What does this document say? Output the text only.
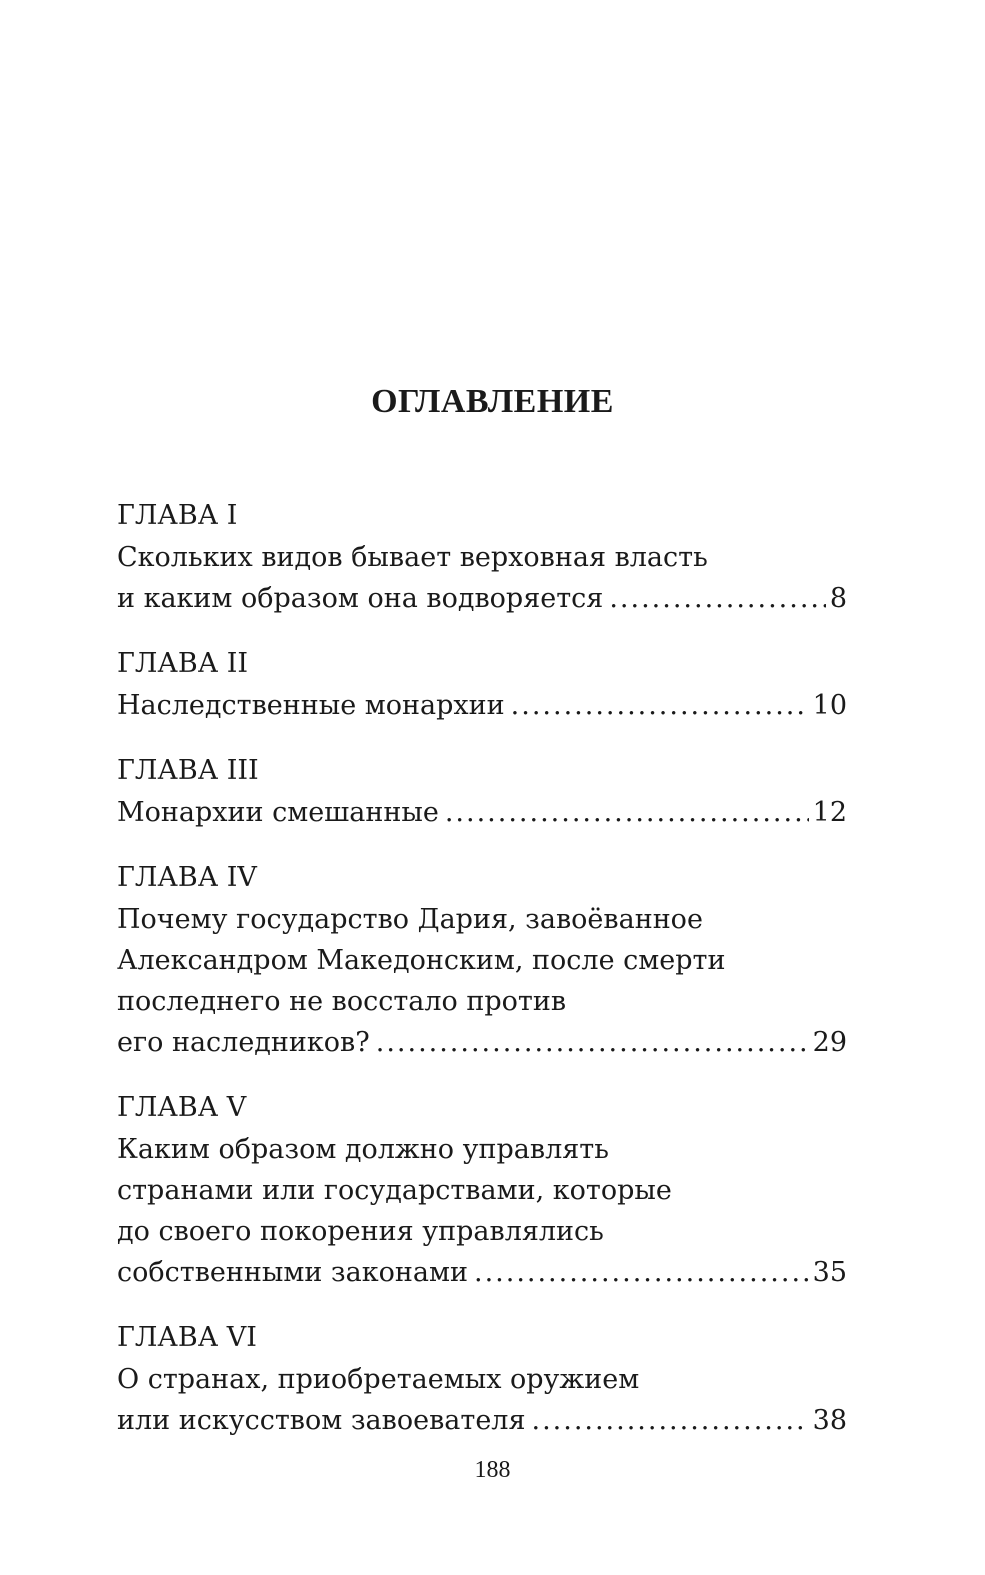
ОГЛАВЛЕНИЕ
ГЛАВА I
Скольких видов бывает верховная власть
и каким образом она водворяется .....	8
ГЛАВА II
Наследственные монархии .....	10
ГЛАВА III
Монархии смешанные .....	12
ГЛАВА IV
Почему государство Дария, завоёванное
Александром Македонским, после смерти
последнего не восстало против
его наследников? .....	29
ГЛАВА V
Каким образом должно управлять
странами или государствами, которые
до своего покорения управлялись
собственными законами .....	35
ГЛАВА VI
О странах, приобретаемых оружием
или искусством завоевателя .....	38
188
